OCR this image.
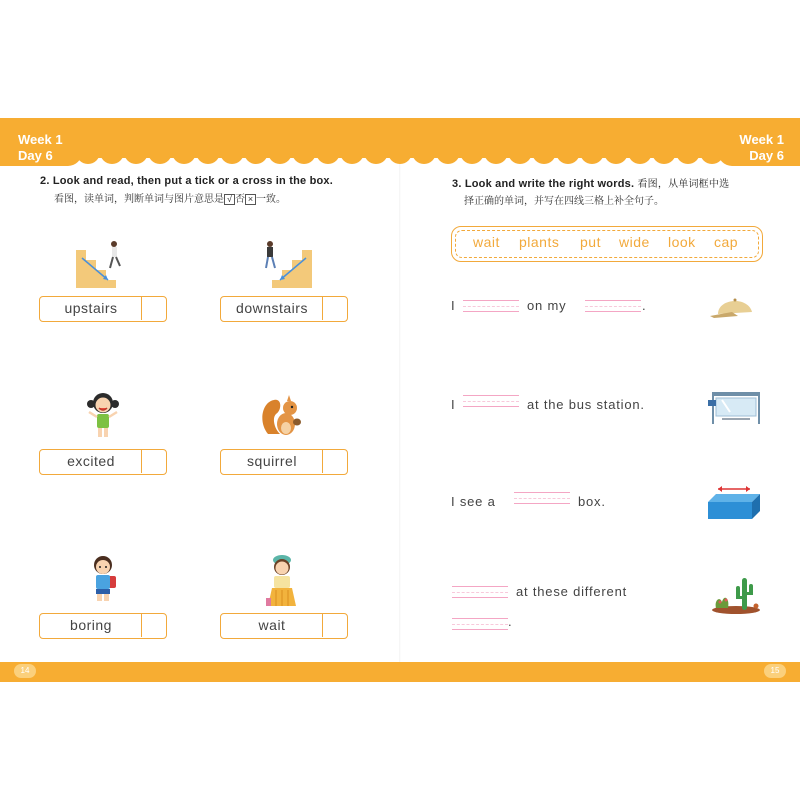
Week 1
Day 6
Week 1
Day 6
2. Look and read, then put a tick or a cross in the box.
看图，读单词，判断单词与图片意思是 √ 否 × 一致。
upstairs	downstairs
excited	squirrel
boring	wait
3. Look and write the right words. 看图，从单词框中选
择正确的单词，并写在四线三格上补全句子。
wait plants put wide look cap
I	on my	.
I	at the bus station.
I see a	box.
at these different
.
14	15
